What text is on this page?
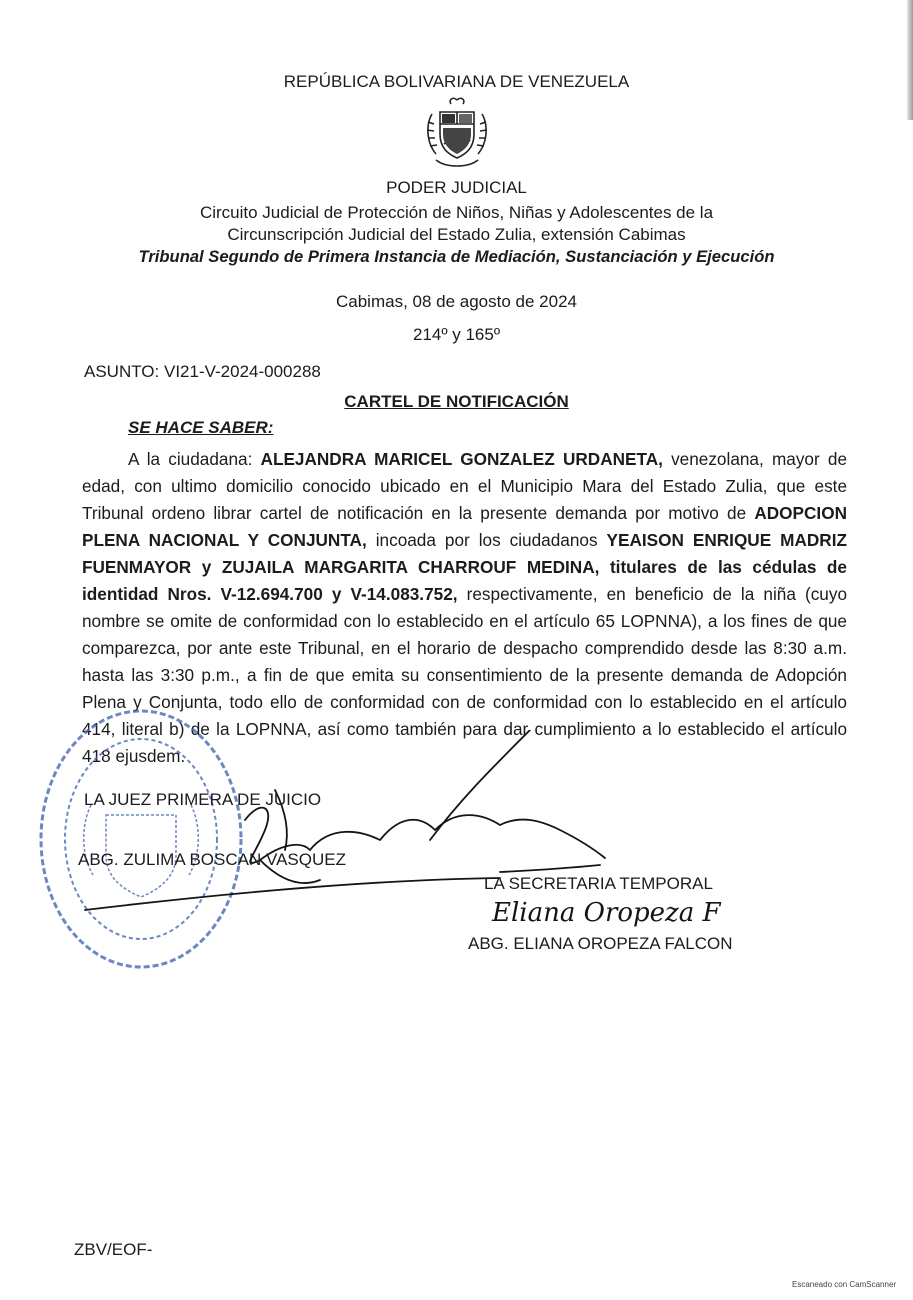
REPÚBLICA BOLIVARIANA DE VENEZUELA
PODER JUDICIAL
Circuito Judicial de Protección de Niños, Niñas y Adolescentes de la
Circunscripción Judicial del Estado Zulia, extensión Cabimas
Tribunal Segundo de Primera Instancia de Mediación, Sustanciación y Ejecución
Cabimas, 08 de agosto de 2024
214º y 165º
ASUNTO: VI21-V-2024-000288
CARTEL DE NOTIFICACIÓN
SE HACE SABER:

A la ciudadana: ALEJANDRA MARICEL GONZALEZ URDANETA, venezolana, mayor de edad, con ultimo domicilio conocido ubicado en el Municipio Mara del Estado Zulia, que este Tribunal ordeno librar cartel de notificación en la presente demanda por motivo de ADOPCION PLENA NACIONAL Y CONJUNTA, incoada por los ciudadanos YEAISON ENRIQUE MADRIZ FUENMAYOR y ZUJAILA MARGARITA CHARROUF MEDINA, titulares de las cédulas de identidad Nros. V-12.694.700 y V-14.083.752, respectivamente, en beneficio de la niña (cuyo nombre se omite de conformidad con lo establecido en el artículo 65 LOPNNA), a los fines de que comparezca, por ante este Tribunal, en el horario de despacho comprendido desde las 8:30 a.m. hasta las 3:30 p.m., a fin de que emita su consentimiento de la presente demanda de Adopción Plena y Conjunta, todo ello de conformidad con de conformidad con lo establecido en el artículo 414, literal b) de la LOPNNA, así como también para dar cumplimiento a lo establecido el artículo 418 ejusdem.

LA JUEZ PRIMERA DE JUICIO
ABG. ZULIMA BOSCAN VASQUEZ
LA SECRETARIA TEMPORAL
Eliana Oropeza F
ABG. ELIANA OROPEZA FALCON
ZBV/EOF-
Escaneado con CamScanner
